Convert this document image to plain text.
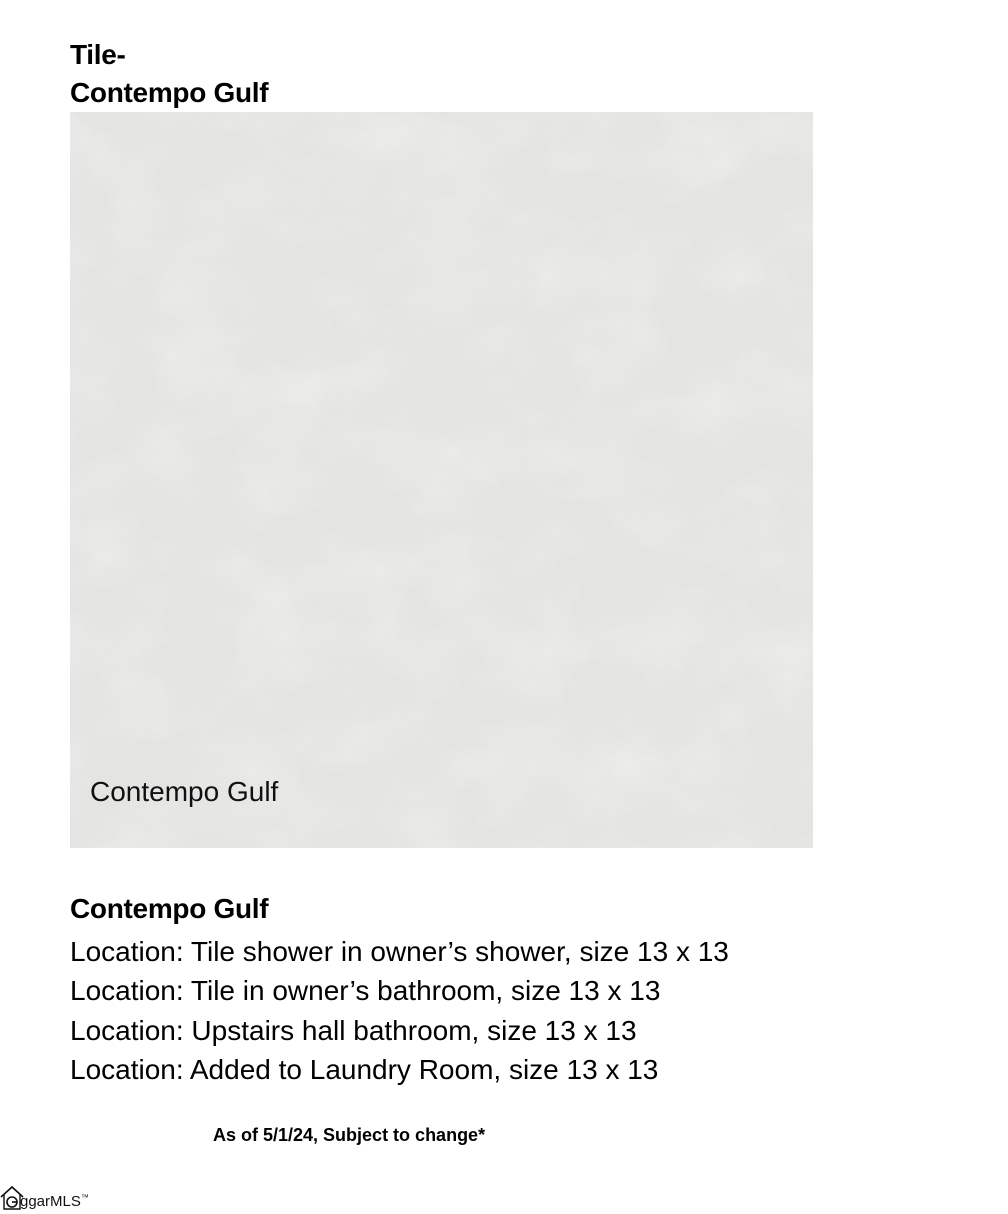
Tile-
Contempo Gulf
Contempo Gulf
Contempo Gulf
Location: Tile shower in owner’s shower, size 13 x 13
Location: Tile in owner’s bathroom, size 13 x 13
Location: Upstairs hall bathroom, size 13 x 13
Location: Added to Laundry Room, size 13 x 13
As of 5/1/24, Subject to change*
ggarMLS™
